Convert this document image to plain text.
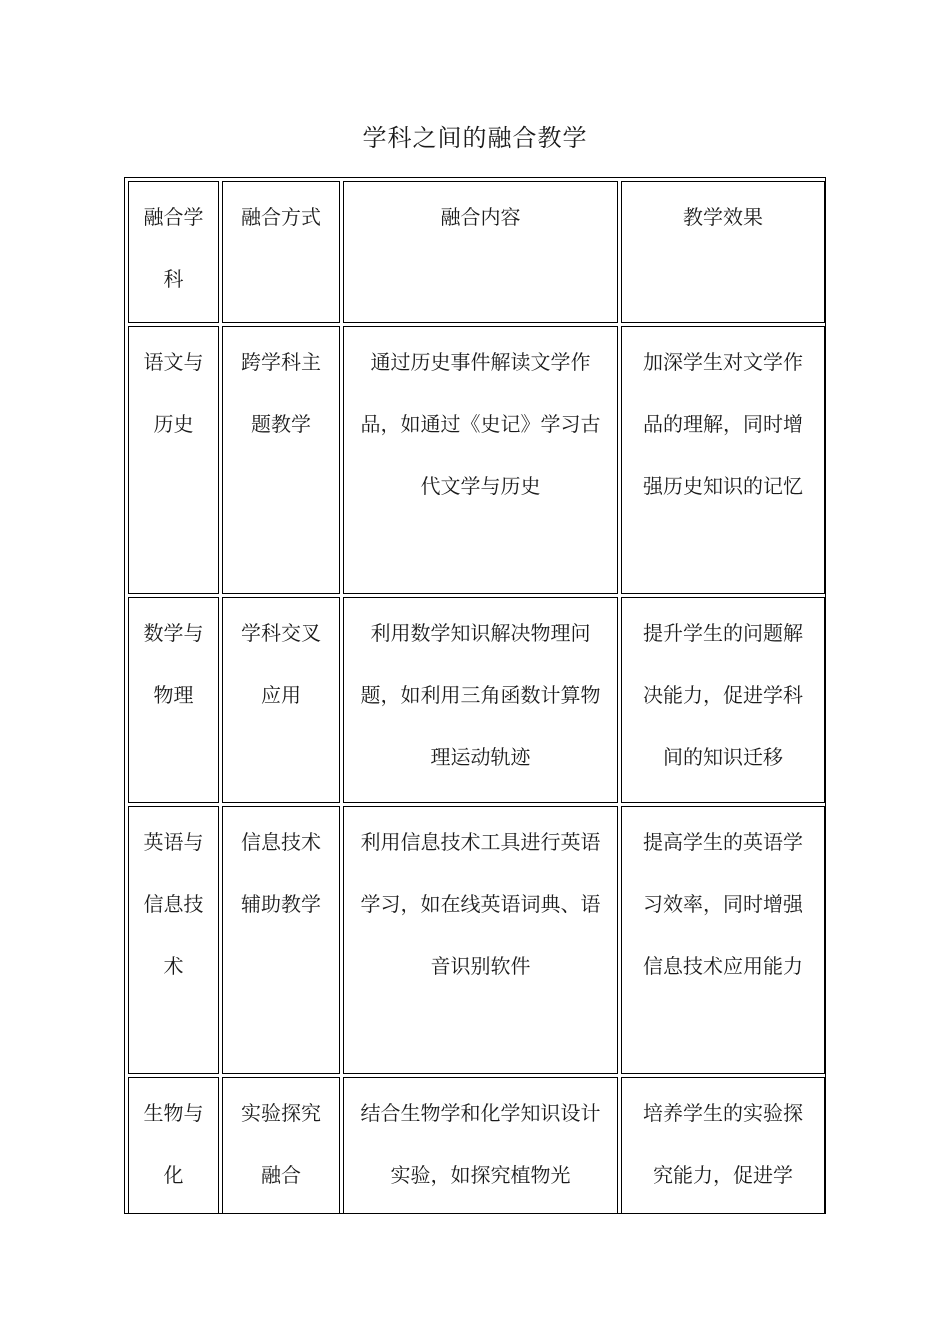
学科之间的融合教学
融合学科	融合方式	融合内容	教学效果
语文与历史	跨学科主题教学	通过历史事件解读文学作品，如通过《史记》学习古代文学与历史	加深学生对文学作品的理解，同时增强历史知识的记忆
数学与物理	学科交叉应用	利用数学知识解决物理问题，如利用三角函数计算物理运动轨迹	提升学生的问题解决能力，促进学科间的知识迁移
英语与信息技术	信息技术辅助教学	利用信息技术工具进行英语学习，如在线英语词典、语音识别软件	提高学生的英语学习效率，同时增强信息技术应用能力
生物与化	实验探究融合	结合生物学和化学知识设计实验，如探究植物光	培养学生的实验探究能力，促进学
